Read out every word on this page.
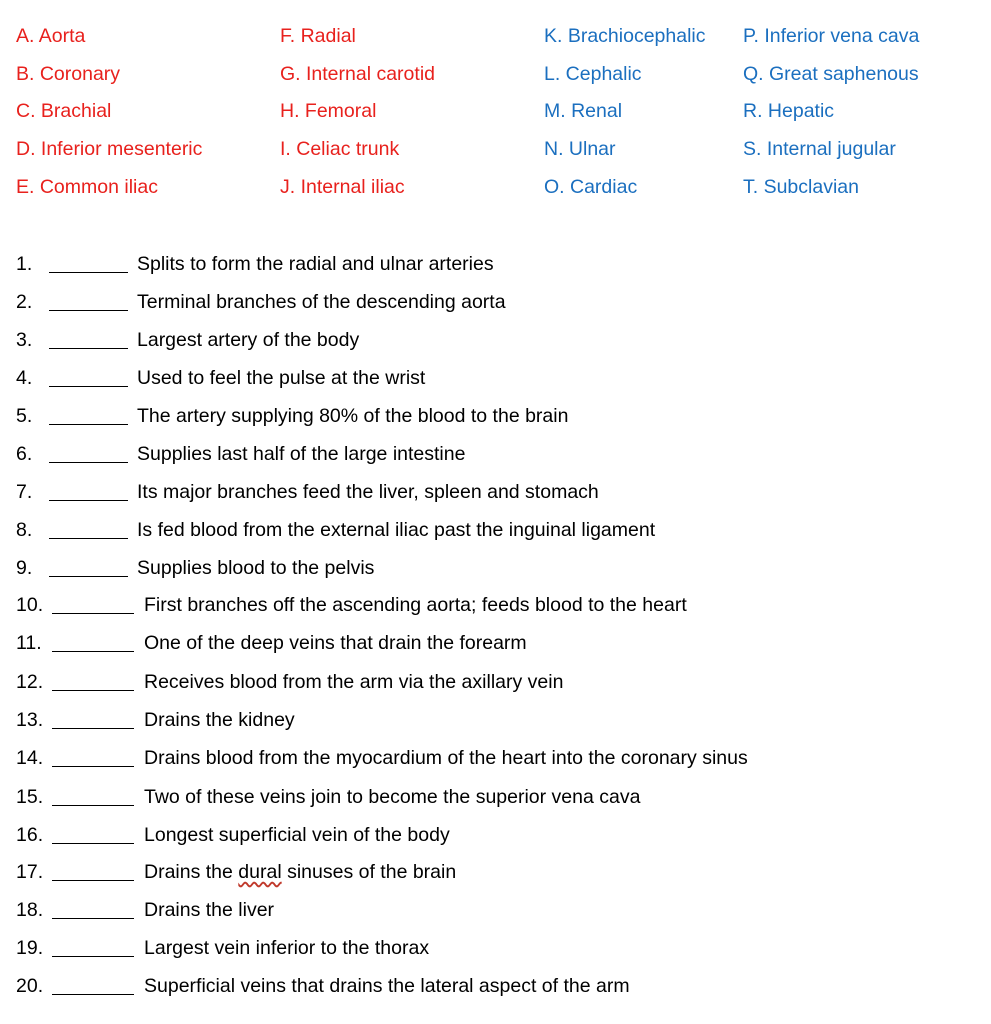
A. Aorta
B. Coronary
C. Brachial
D. Inferior mesenteric
E. Common iliac
F. Radial
G. Internal carotid
H. Femoral
I. Celiac trunk
J. Internal iliac
K. Brachiocephalic
L. Cephalic
M. Renal
N. Ulnar
O. Cardiac
P. Inferior vena cava
Q. Great saphenous
R. Hepatic
S. Internal jugular
T. Subclavian
1.	Splits to form the radial and ulnar arteries
2.	Terminal branches of the descending aorta
3.	Largest artery of the body
4.	Used to feel the pulse at the wrist
5.	The artery supplying 80% of the blood to the brain
6.	Supplies last half of the large intestine
7.	Its major branches feed the liver, spleen and stomach
8.	Is fed blood from the external iliac past the inguinal ligament
9.	Supplies blood to the pelvis
10.	First branches off the ascending aorta; feeds blood to the heart
11.	One of the deep veins that drain the forearm
12.	Receives blood from the arm via the axillary vein
13.	Drains the kidney
14.	Drains blood from the myocardium of the heart into the coronary sinus
15.	Two of these veins join to become the superior vena cava
16.	Longest superficial vein of the body
17.	Drains the dural sinuses of the brain
18.	Drains the liver
19.	Largest vein inferior to the thorax
20.	Superficial veins that drains the lateral aspect of the arm
